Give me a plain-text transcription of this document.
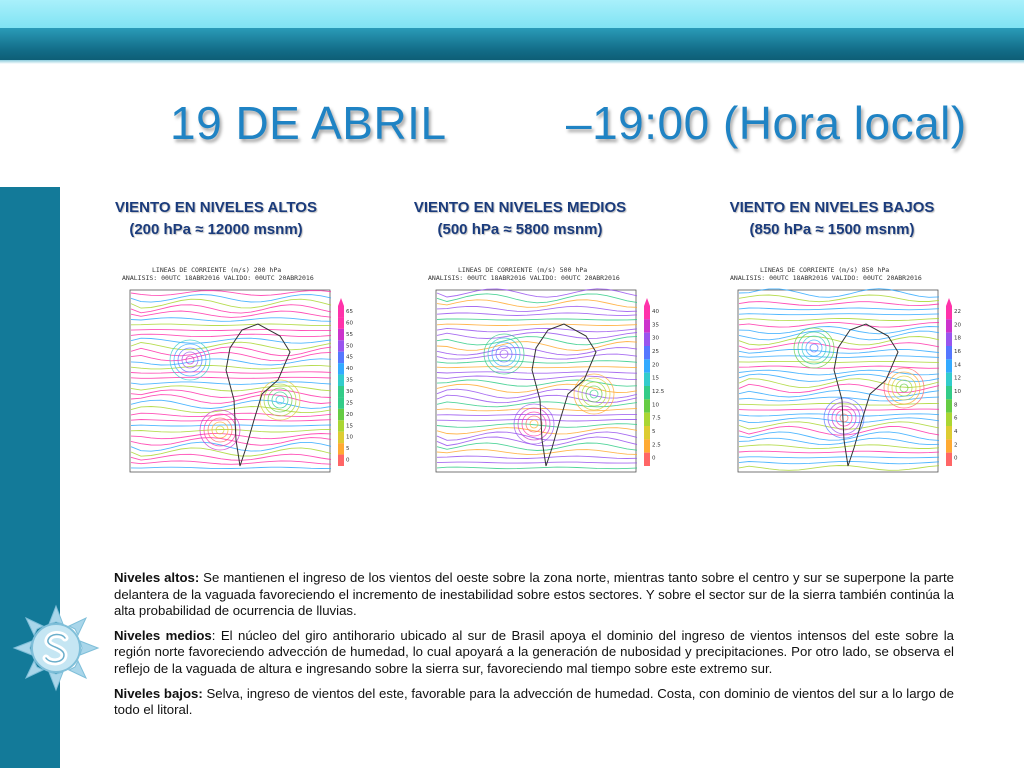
19 DE ABRIL	–19:00 (Hora local)
VIENTO EN NIVELES ALTOS
(200 hPa ≈ 12000 msnm)
VIENTO EN NIVELES MEDIOS
(500 hPa ≈ 5800 msnm)
VIENTO EN NIVELES BAJOS
(850 hPa ≈ 1500 msnm)
LINEAS DE CORRIENTE (m/s) 200 hPa
ANALISIS: 00UTC 18ABR2016 VALIDO: 00UTC 20ABR2016
65
60
55
50
45
40
35
30
25
20
15
10
5
0
LINEAS DE CORRIENTE (m/s) 500 hPa
ANALISIS: 00UTC 18ABR2016 VALIDO: 00UTC 20ABR2016
40
35
30
25
20
15
12.5
10
7.5
5
2.5
0
LINEAS DE CORRIENTE (m/s) 850 hPa
ANALISIS: 00UTC 18ABR2016 VALIDO: 00UTC 20ABR2016
22
20
18
16
14
12
10
8
6
4
2
0

Niveles altos: Se mantienen el ingreso de los vientos del oeste sobre la zona norte, mientras tanto sobre el centro y sur se superpone la parte delantera de la vaguada favoreciendo el incremento de inestabilidad sobre estos sectores. Y sobre el sector sur de la sierra también continúa la alta probabilidad de ocurrencia de lluvias.

Niveles medios: El núcleo del giro antihorario ubicado al sur de Brasil apoya el dominio del ingreso de vientos intensos del este sobre la región norte favoreciendo advección de humedad, lo cual apoyará a la generación de nubosidad y precipitaciones. Por otro lado, se observa el reflejo de la vaguada de altura e ingresando sobre la sierra sur, favoreciendo mal tiempo sobre este extremo sur.

Niveles bajos: Selva, ingreso de vientos del este, favorable para la advección de humedad. Costa, con dominio de vientos del sur a lo largo de todo el litoral.
